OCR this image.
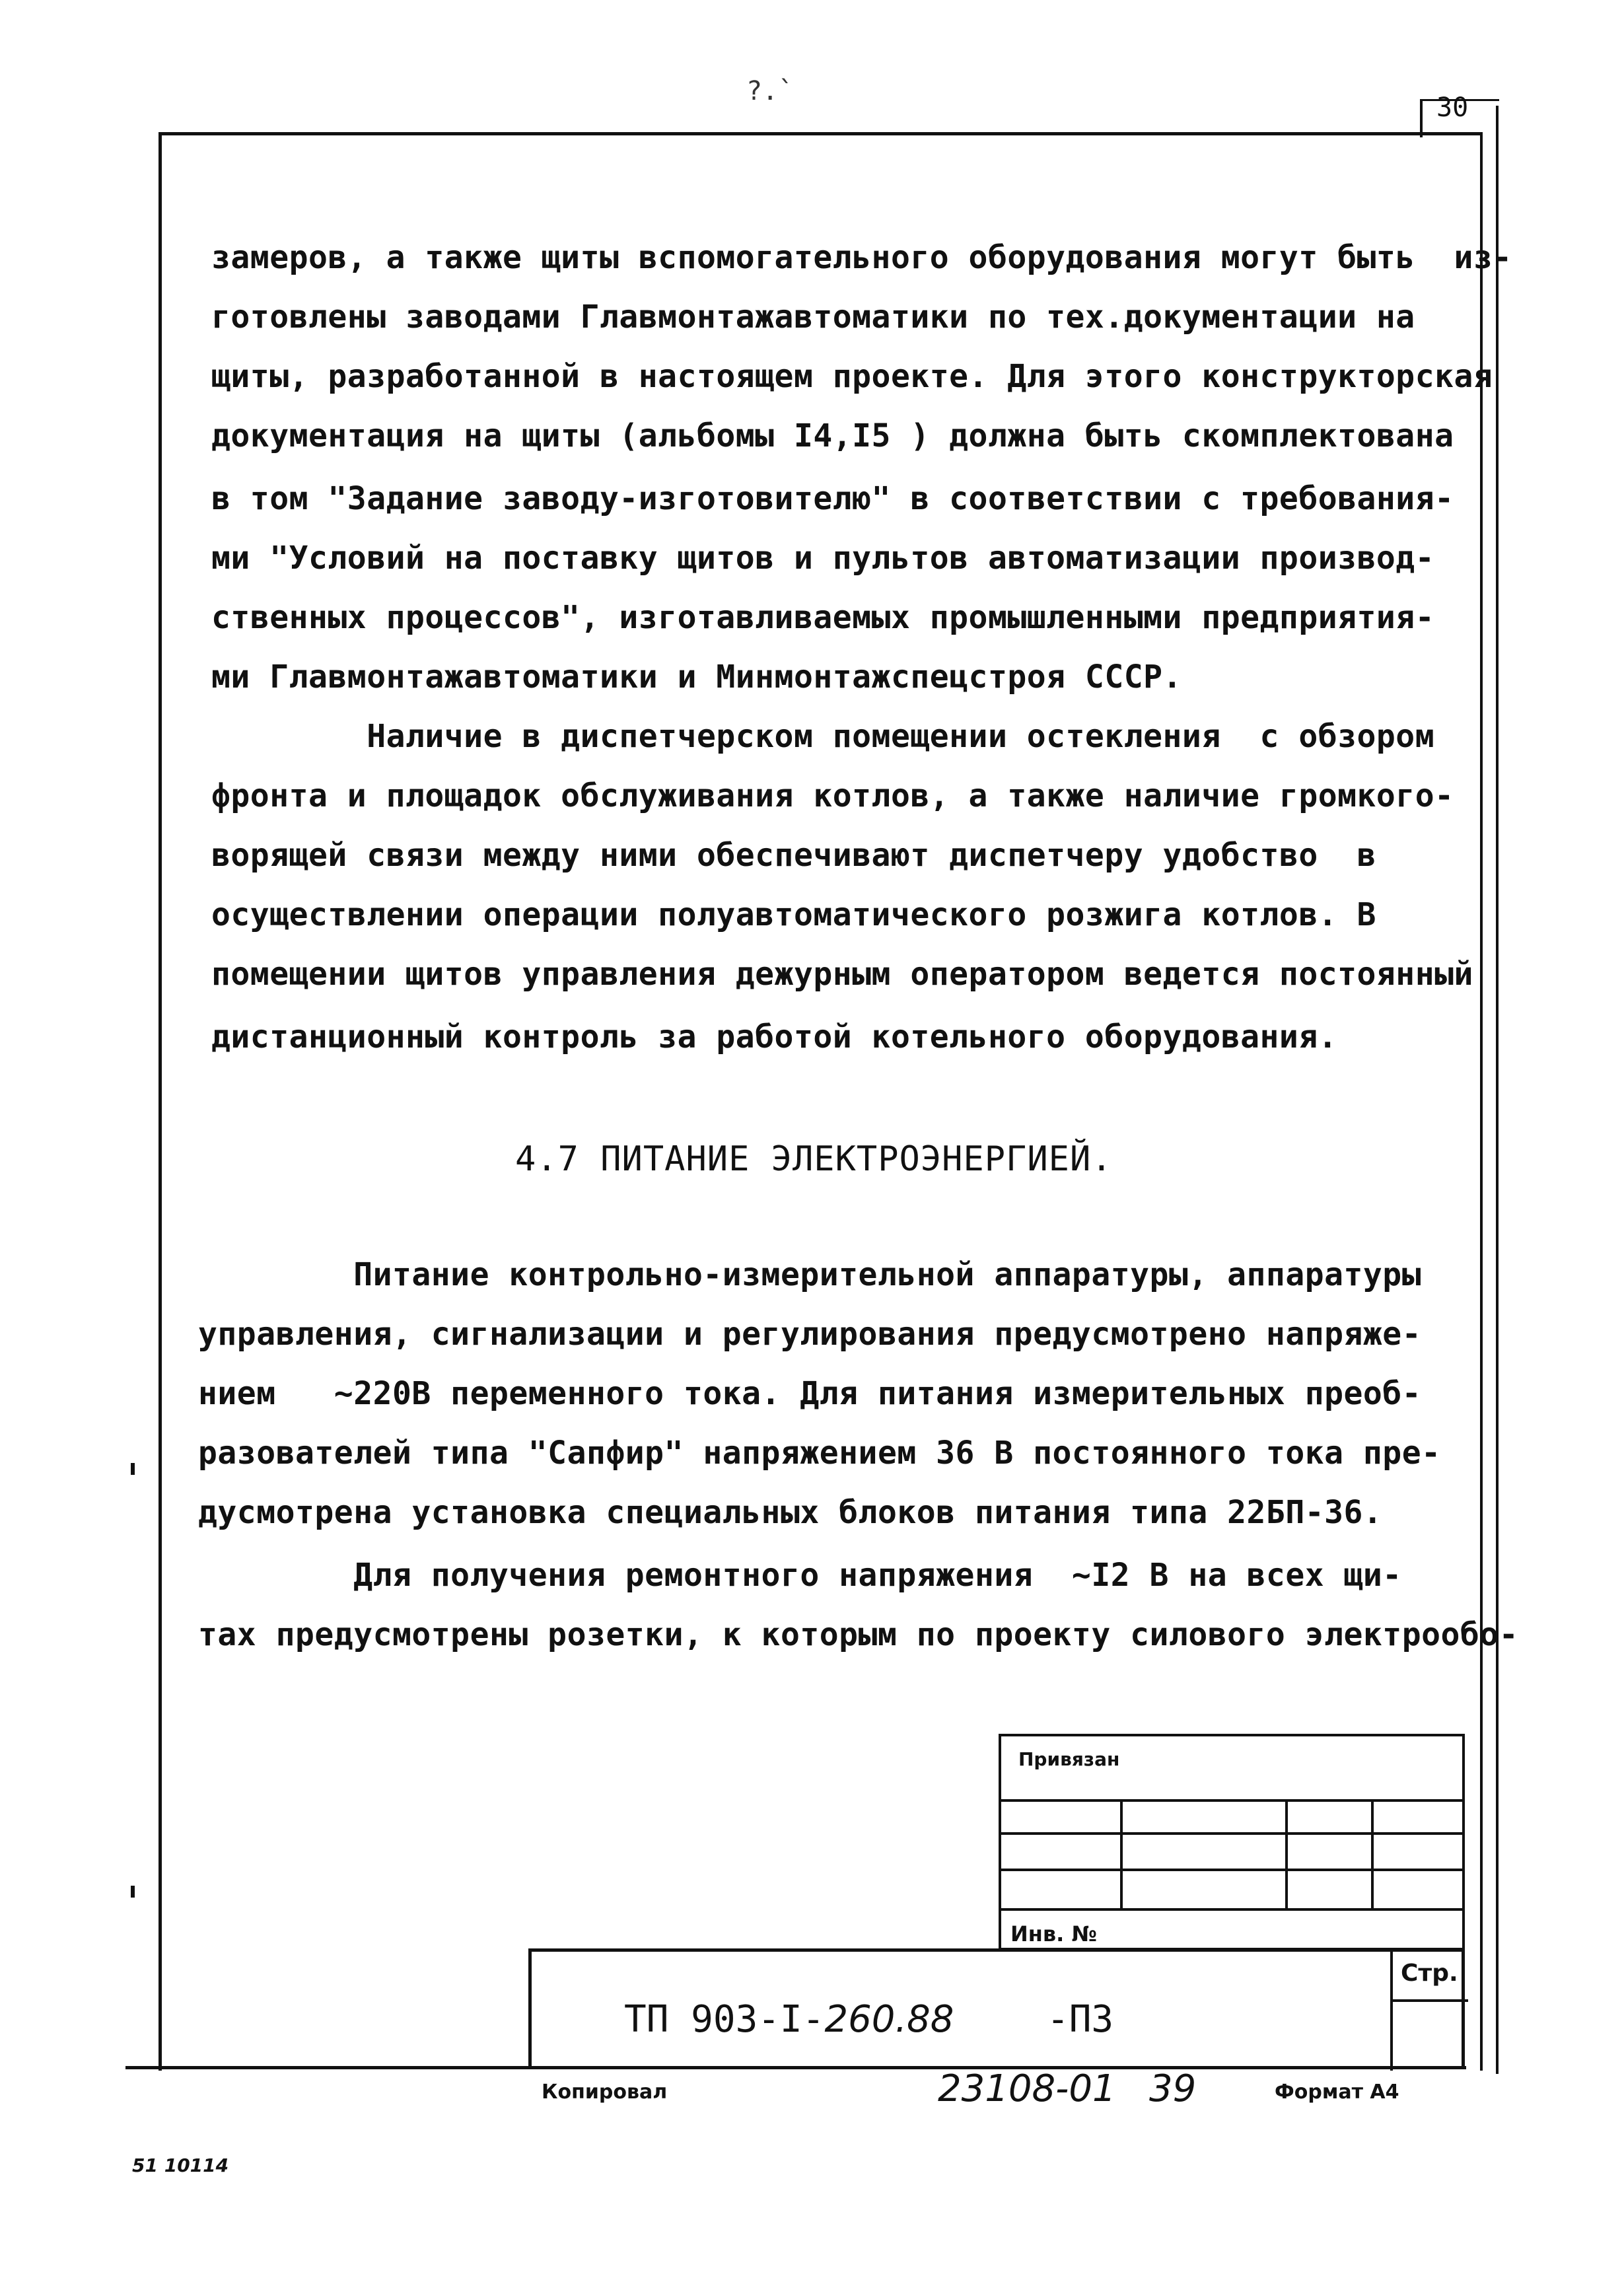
?.`
30
замеров, а также щиты вспомогательного оборудования могут быть  из-
готовлены заводами Главмонтажавтоматики по тех.документации на
щиты, разработанной в настоящем проекте. Для этого конструкторская
документация на щиты (альбомы I4,I5 ) должна быть скомплектована
в том "Задание заводу-изготовителю" в соответствии с требования-
ми "Условий на поставку щитов и пультов автоматизации производ-
ственных процессов", изготавливаемых промышленными предприятия-
ми Главмонтажавтоматики и Минмонтажспецстроя СССР.
Наличие в диспетчерском помещении остекления  с обзором
фронта и площадок обслуживания котлов, а также наличие громкого-
ворящей связи между ними обеспечивают диспетчеру удобство  в
осуществлении операции полуавтоматического розжига котлов. В
помещении щитов управления дежурным оператором ведется постоянный
дистанционный контроль за работой котельного оборудования.
4.7 ПИТАНИЕ ЭЛЕКТРОЭНЕРГИЕЙ.
Питание контрольно-измерительной аппаратуры, аппаратуры
управления, сигнализации и регулирования предусмотрено напряже-
нием   ~220В переменного тока. Для питания измерительных преоб-
разователей типа "Сапфир" напряжением 36 В постоянного тока пре-
дусмотрена установка специальных блоков питания типа 22БП-36.
Для получения ремонтного напряжения  ~I2 В на всех щи-
тах предусмотрены розетки, к которым по проекту силового электрообо-
Привязан
Инв. №
ТП 903-I-260.88	-ПЗ
Стр.
Копировал	23108-01 39	Формат А4
51 10114
